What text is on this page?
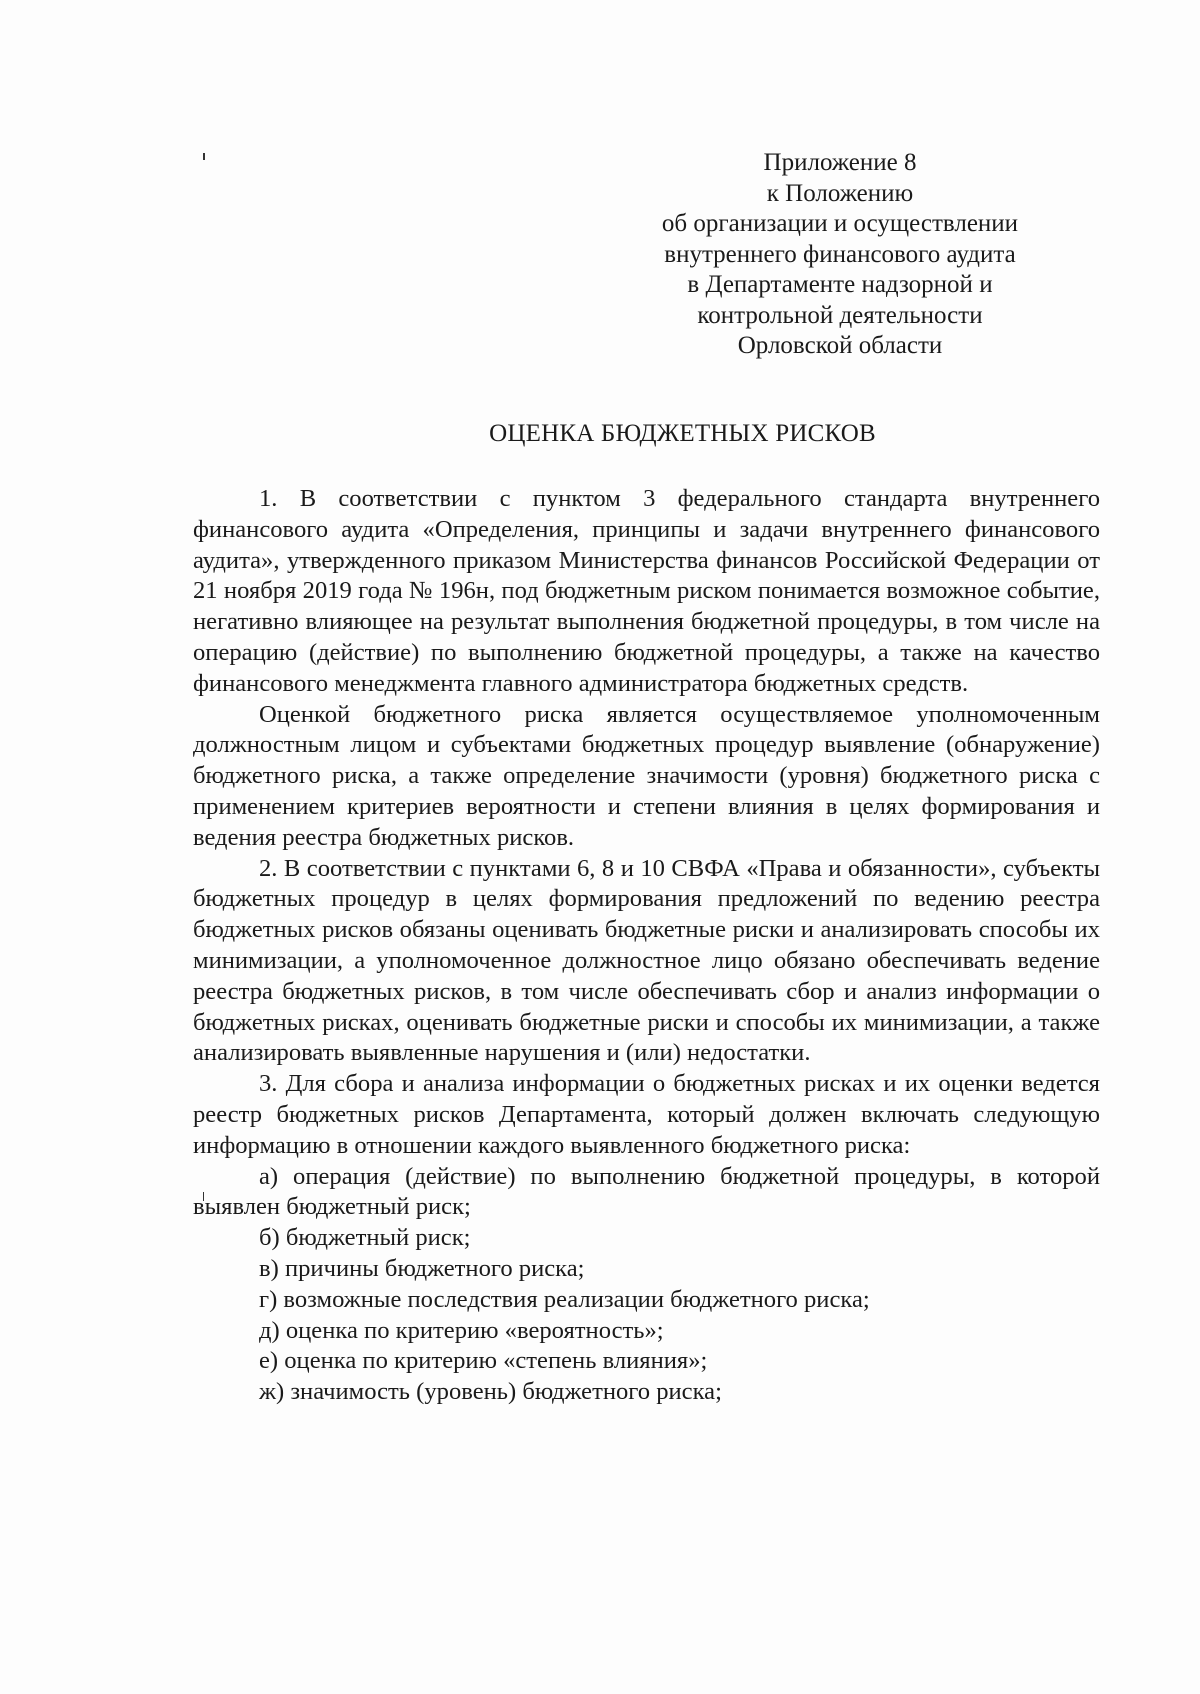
Приложение 8
к Положению
об организации и осуществлении
внутреннего финансового аудита
в Департаменте надзорной и
контрольной деятельности
Орловской области
ОЦЕНКА БЮДЖЕТНЫХ РИСКОВ

1. В соответствии с пунктом 3 федерального стандарта внутреннего финансового аудита «Определения, принципы и задачи внутреннего финансового аудита», утвержденного приказом Министерства финансов Российской Федерации от 21 ноября 2019 года № 196н, под бюджетным риском понимается возможное событие, негативно влияющее на результат выполнения бюджетной процедуры, в том числе на операцию (действие) по выполнению бюджетной процедуры, а также на качество финансового менеджмента главного администратора бюджетных средств.

Оценкой бюджетного риска является осуществляемое уполномоченным должностным лицом и субъектами бюджетных процедур выявление (обнаружение) бюджетного риска, а также определение значимости (уровня) бюджетного риска с применением критериев вероятности и степени влияния в целях формирования и ведения реестра бюджетных рисков.

2. В соответствии с пунктами 6, 8 и 10 СВФА «Права и обязанности», субъекты бюджетных процедур в целях формирования предложений по ведению реестра бюджетных рисков обязаны оценивать бюджетные риски и анализировать способы их минимизации, а уполномоченное должностное лицо обязано обеспечивать ведение реестра бюджетных рисков, в том числе обеспечивать сбор и анализ информации о бюджетных рисках, оценивать бюджетные риски и способы их минимизации, а также анализировать выявленные нарушения и (или) недостатки.

3. Для сбора и анализа информации о бюджетных рисках и их оценки ведется реестр бюджетных рисков Департамента, который должен включать следующую информацию в отношении каждого выявленного бюджетного риска:

а) операция (действие) по выполнению бюджетной процедуры, в которой выявлен бюджетный риск;

б) бюджетный риск;

в) причины бюджетного риска;

г) возможные последствия реализации бюджетного риска;

д) оценка по критерию «вероятность»;

е) оценка по критерию «степень влияния»;

ж) значимость (уровень) бюджетного риска;
